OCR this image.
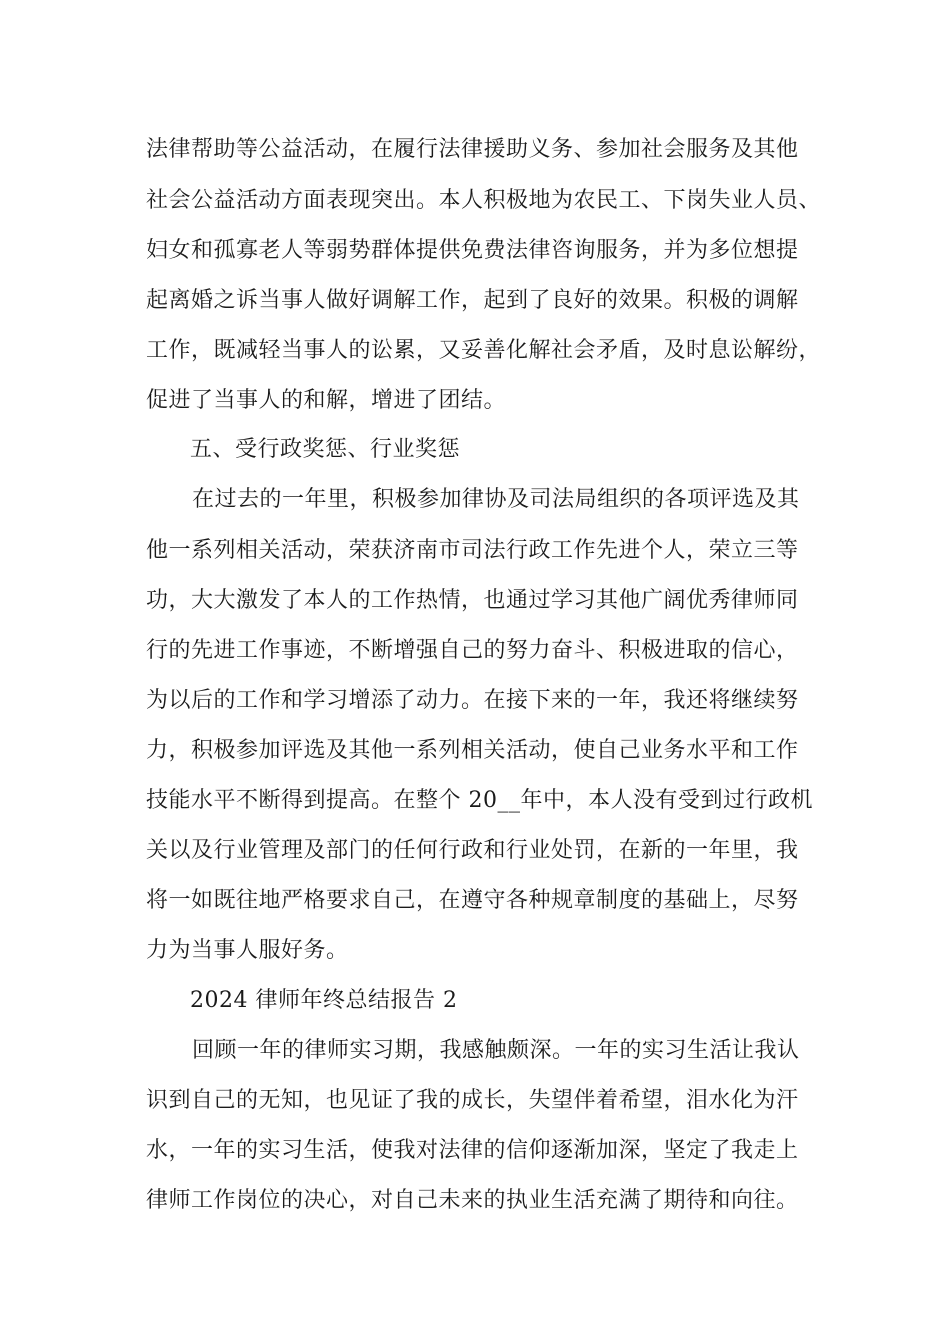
法律帮助等公益活动，在履行法律援助义务、参加社会服务及其他
社会公益活动方面表现突出。本人积极地为农民工、下岗失业人员、
妇女和孤寡老人等弱势群体提供免费法律咨询服务，并为多位想提
起离婚之诉当事人做好调解工作，起到了良好的效果。积极的调解
工作，既减轻当事人的讼累，又妥善化解社会矛盾，及时息讼解纷，
促进了当事人的和解，增进了团结。
五、受行政奖惩、行业奖惩
在过去的一年里，积极参加律协及司法局组织的各项评选及其
他一系列相关活动，荣获济南市司法行政工作先进个人，荣立三等
功，大大激发了本人的工作热情，也通过学习其他广阔优秀律师同
行的先进工作事迹，不断增强自己的努力奋斗、积极进取的信心，
为以后的工作和学习增添了动力。在接下来的一年，我还将继续努
力，积极参加评选及其他一系列相关活动，使自己业务水平和工作
技能水平不断得到提高。在整个 20__年中，本人没有受到过行政机
关以及行业管理及部门的任何行政和行业处罚，在新的一年里，我
将一如既往地严格要求自己，在遵守各种规章制度的基础上，尽努
力为当事人服好务。
2024 律师年终总结报告 2
回顾一年的律师实习期，我感触颇深。一年的实习生活让我认
识到自己的无知，也见证了我的成长，失望伴着希望，泪水化为汗
水，一年的实习生活，使我对法律的信仰逐渐加深，坚定了我走上
律师工作岗位的决心，对自己未来的执业生活充满了期待和向往。
